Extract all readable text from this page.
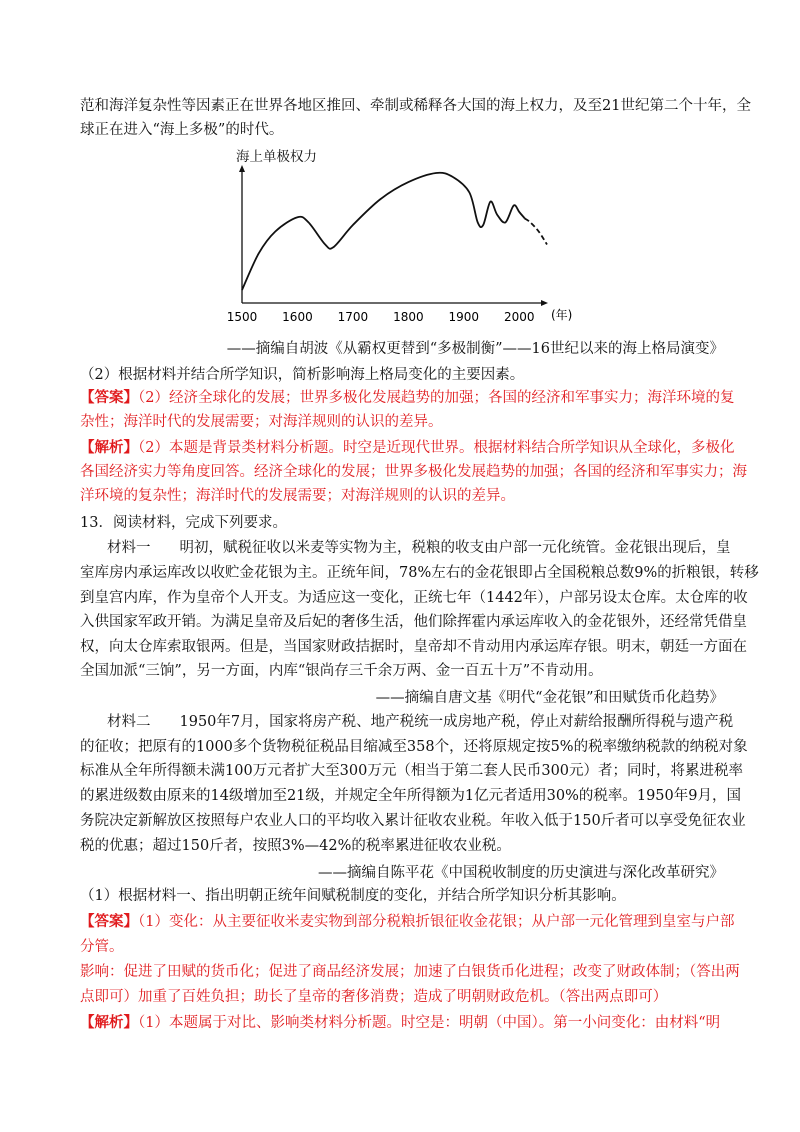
范和海洋复杂性等因素正在世界各地区推回、牵制或稀释各大国的海上权力，及至21世纪第二个十年，全
球正在进入“海上多极”的时代。
海上单极权力
(年)
1500 1600 1700 1800 1900 2000
——摘编自胡波《从霸权更替到“多极制衡”——16世纪以来的海上格局演变》
（2）根据材料并结合所学知识，简析影响海上格局变化的主要因素。
【答案】（2）经济全球化的发展；世界多极化发展趋势的加强；各国的经济和军事实力；海洋环境的复
杂性；海洋时代的发展需要；对海洋规则的认识的差异。
【解析】（2）本题是背景类材料分析题。时空是近现代世界。根据材料结合所学知识从全球化，多极化
各国经济实力等角度回答。经济全球化的发展；世界多极化发展趋势的加强；各国的经济和军事实力；海
洋环境的复杂性；海洋时代的发展需要；对海洋规则的认识的差异。
13．阅读材料，完成下列要求。
材料一　　明初，赋税征收以米麦等实物为主，税粮的收支由户部一元化统管。金花银出现后，皇
室库房内承运库改以收贮金花银为主。正统年间，78%左右的金花银即占全国税粮总数9%的折粮银，转移
到皇宫内库，作为皇帝个人开支。为适应这一变化，正统七年（1442年），户部另设太仓库。太仓库的收
入供国家军政开销。为满足皇帝及后妃的奢侈生活，他们除挥霍内承运库收入的金花银外，还经常凭借皇
权，向太仓库索取银两。但是，当国家财政拮据时，皇帝却不肯动用内承运库存银。明末，朝廷一方面在
全国加派“三饷”，另一方面，内库“银尚存三千余万两、金一百五十万”不肯动用。
——摘编自唐文基《明代“金花银”和田赋货币化趋势》
材料二　　1950年7月，国家将房产税、地产税统一成房地产税，停止对薪给报酬所得税与遗产税
的征收；把原有的1000多个货物税征税品目缩减至358个，还将原规定按5%的税率缴纳税款的纳税对象
标准从全年所得额未满100万元者扩大至300万元（相当于第二套人民币300元）者；同时，将累进税率
的累进级数由原来的14级增加至21级，并规定全年所得额为1亿元者适用30%的税率。1950年9月，国
务院决定新解放区按照每户农业人口的平均收入累计征收农业税。年收入低于150斤者可以享受免征农业
税的优惠；超过150斤者，按照3%—42%的税率累进征收农业税。
——摘编自陈平花《中国税收制度的历史演进与深化改革研究》
（1）根据材料一、指出明朝正统年间赋税制度的变化，并结合所学知识分析其影响。
【答案】（1）变化：从主要征收米麦实物到部分税粮折银征收金花银；从户部一元化管理到皇室与户部
分管。
影响：促进了田赋的货币化；促进了商品经济发展；加速了白银货币化进程；改变了财政体制；（答出两
点即可）加重了百姓负担；助长了皇帝的奢侈消费；造成了明朝财政危机。（答出两点即可）
【解析】（1）本题属于对比、影响类材料分析题。时空是：明朝（中国）。第一小问变化：由材料“明
